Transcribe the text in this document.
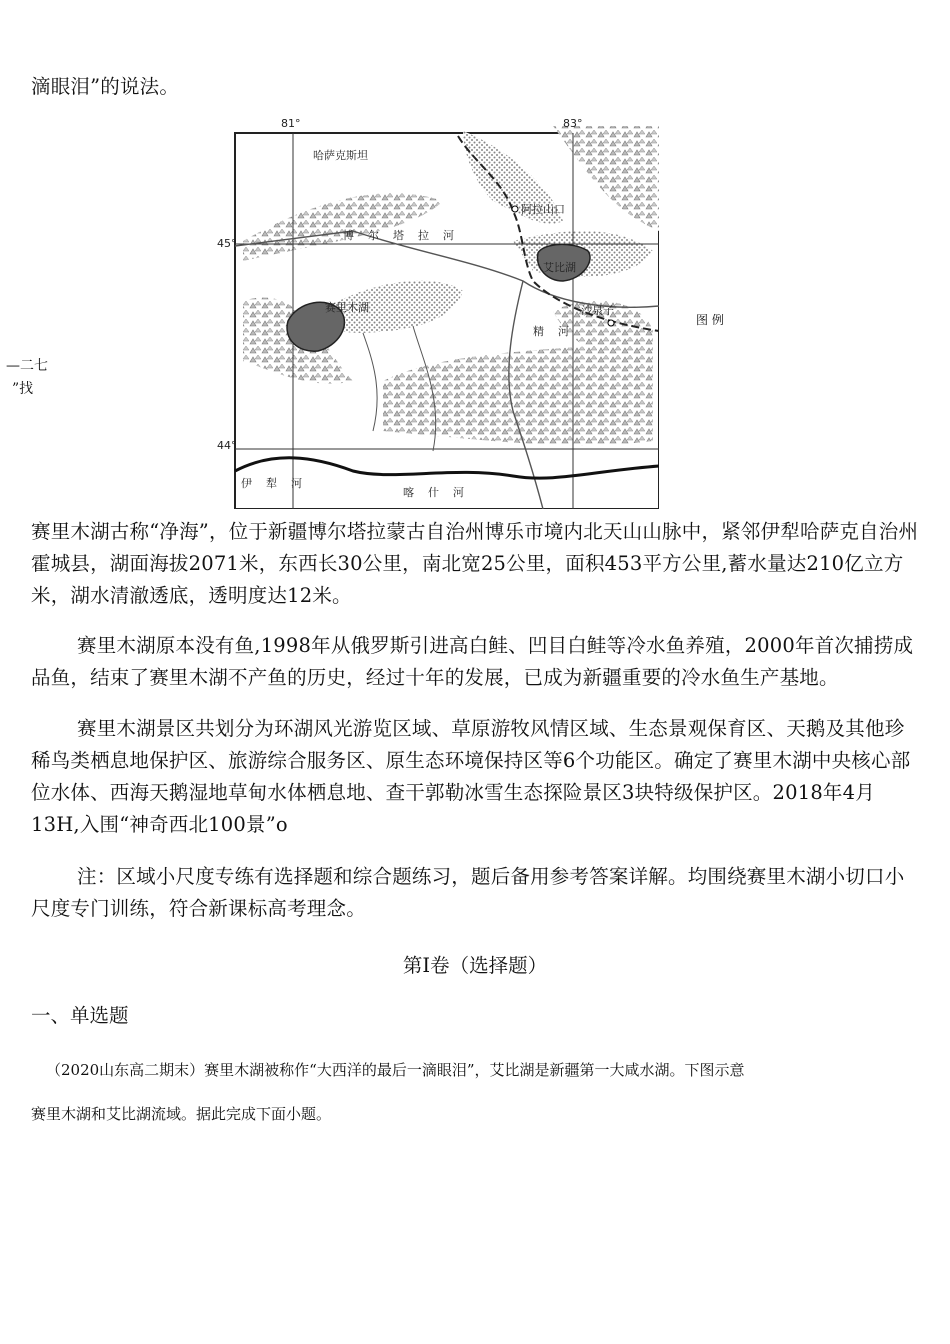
滴眼泪”的说法。
—二七
”找
81°	83°
45°
44°
哈萨克斯坦
阿拉山口
博尔塔拉河
艾比湖
赛里木湖	沙泉子
精河
伊犁河
喀什河
图 例
赛里木湖古称“净海”，位于新疆博尔塔拉蒙古自治州博乐市境内北天山山脉中，紧邻伊犁哈萨克自治州霍城县，湖面海拔2071米，东西长30公里，南北宽25公里，面积453平方公里,蓄水量达210亿立方米，湖水清澈透底，透明度达12米。
赛里木湖原本没有鱼,1998年从俄罗斯引进高白鲑、凹目白鲑等冷水鱼养殖，2000年首次捕捞成品鱼，结束了赛里木湖不产鱼的历史，经过十年的发展，已成为新疆重要的冷水鱼生产基地。
赛里木湖景区共划分为环湖风光游览区域、草原游牧风情区域、生态景观保育区、天鹅及其他珍稀鸟类栖息地保护区、旅游综合服务区、原生态环境保持区等6个功能区。确定了赛里木湖中央核心部位水体、西海天鹅湿地草甸水体栖息地、查干郭勒冰雪生态探险景区3块特级保护区。2018年4月13H,入围“神奇西北100景”o
注：区域小尺度专练有选择题和综合题练习，题后备用参考答案详解。均围绕赛里木湖小切口小尺度专门训练，符合新课标高考理念。
第Ⅰ卷（选择题）
一、单选题
（2020山东高二期末）赛里木湖被称作“大西洋的最后一滴眼泪”，艾比湖是新疆第一大咸水湖。下图示意
赛里木湖和艾比湖流域。据此完成下面小题。
